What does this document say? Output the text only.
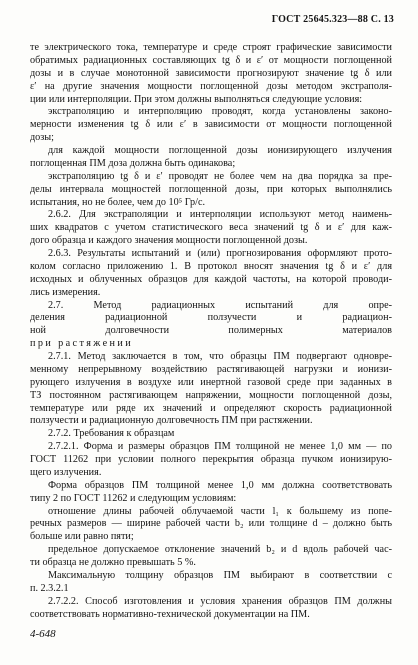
ГОСТ 25645.323—88 С. 13
те электрического тока, температуре и среде строят графические зависимости
обратимых радиационных составляющих tg δ и ε′ от мощности поглощенной
дозы и в случае монотонной зависимости прогнозируют значение tg δ или
ε′ на другие значения мощности поглощенной дозы методом экстраполя-
ции или интерполяции. При этом должны выполняться следующие условия:
экстраполяцию и интерполяцию проводят, когда установлены законо-
мерности изменения tg δ или ε′ в зависимости от мощности поглощенной
дозы;
для каждой мощности поглощенной дозы ионизирующего излучения
поглощенная ПМ доза должна быть одинакова;
экстраполяцию tg δ и ε′ проводят не более чем на два порядка за пре-
делы интервала мощностей поглощенной дозы, при которых выполнялись
испытания, но не более, чем до 10⁵ Гр/с.
2.6.2. Для экстраполяции и интерполяции используют метод наимень-
ших квадратов с учетом статистического веса значений tg δ и ε′ для каж-
дого образца и каждого значения мощности поглощенной дозы.
2.6.3. Результаты испытаний и (или) прогнозирования оформляют прото-
колом согласно приложению 1. В протокол вносят значения tg δ и ε′ для
исходных и облученных образцов для каждой частоты, на которой проводи-
лись измерения.
2.7. Метод радиационных испытаний для опре-
деления радиационной ползучести и радиацион-
ной долговечности полимерных материалов
при растяжении
2.7.1. Метод заключается в том, что образцы ПМ подвергают одновре-
менному непрерывному воздействию растягивающей нагрузки и ионизи-
рующего излучения в воздухе или инертной газовой среде при заданных в
ТЗ постоянном растягивающем напряжении, мощности поглощенной дозы,
температуре или ряде их значений и определяют скорость радиационной
ползучести и радиационную долговечность ПМ при растяжении.
2.7.2. Требования к образцам
2.7.2.1. Форма и размеры образцов ПМ толщиной не менее 1,0 мм — по
ГОСТ 11262 при условии полного перекрытия образца пучком ионизирую-
щего излучения.
Форма образцов ПМ толщиной менее 1,0 мм должна соответствовать
типу 2 по ГОСТ 11262 и следующим условиям:
отношение длины рабочей облучаемой части l₁ к большему из попе-
речных размеров — ширине рабочей части b₂ или толщине d – должно быть
больше или равно пяти;
предельное допускаемое отклонение значений b₂ и d вдоль рабочей час-
ти образца не должно превышать 5 %.
Максимальную толщину образцов ПМ выбирают в соответствии с
п. 2.3.2.1
2.7.2.2. Способ изготовления и условия хранения образцов ПМ должны
соответствовать нормативно-технической документации на ПМ.
4-648
